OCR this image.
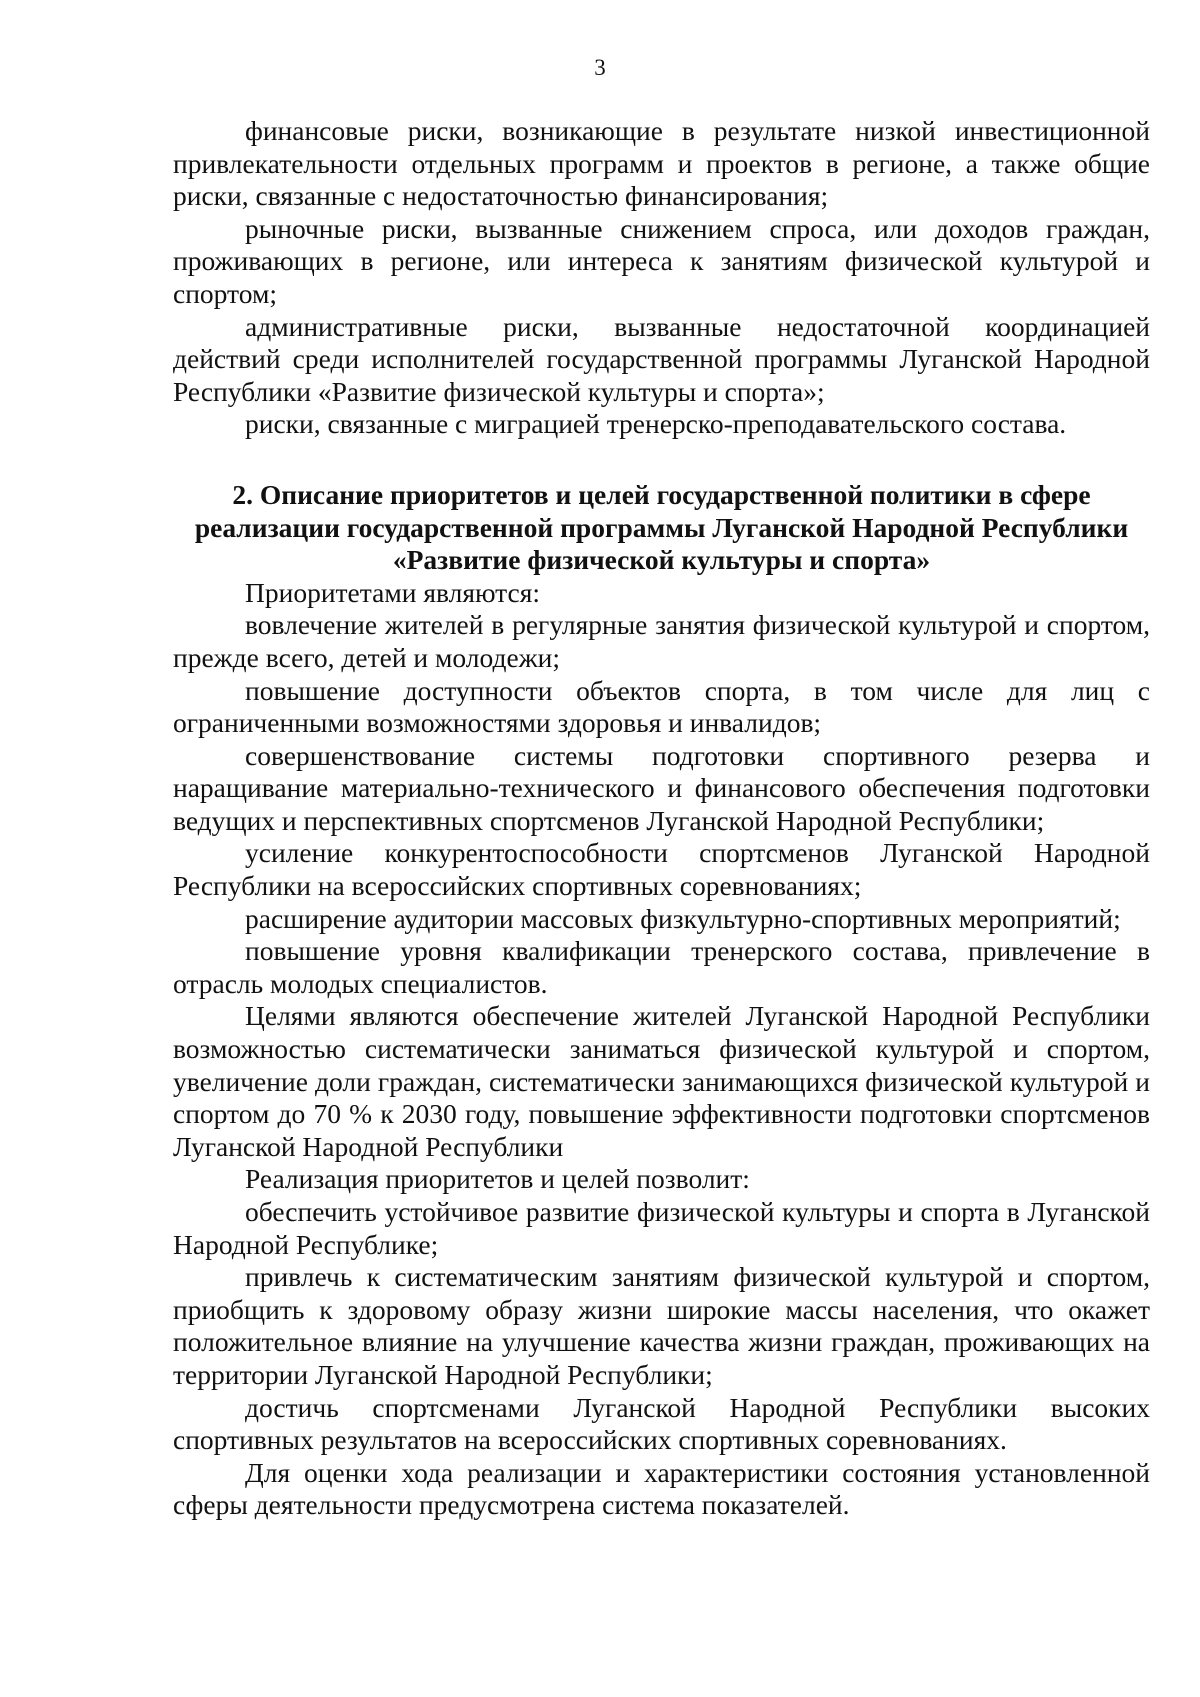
3

финансовые риски, возникающие в результате низкой инвестиционной привлекательности отдельных программ и проектов в регионе, а также общие риски, связанные с недостаточностью финансирования;

рыночные риски, вызванные снижением спроса, или доходов граждан, проживающих в регионе, или интереса к занятиям физической культурой и спортом;

административные риски, вызванные недостаточной координацией действий среди исполнителей государственной программы Луганской Народной Республики «Развитие физической культуры и спорта»;

риски, связанные с миграцией тренерско-преподавательского состава.

2. Описание приоритетов и целей государственной политики в сфере
реализации государственной программы Луганской Народной Республики
«Развитие физической культуры и спорта»

Приоритетами являются:

вовлечение жителей в регулярные занятия физической культурой и спортом, прежде всего, детей и молодежи;

повышение доступности объектов спорта, в том числе для лиц с ограниченными возможностями здоровья и инвалидов;

совершенствование системы подготовки спортивного резерва и наращивание материально-технического и финансового обеспечения подготовки ведущих и перспективных спортсменов Луганской Народной Республики;

усиление конкурентоспособности спортсменов Луганской Народной Республики на всероссийских спортивных соревнованиях;

расширение аудитории массовых физкультурно-спортивных мероприятий;

повышение уровня квалификации тренерского состава, привлечение в отрасль молодых специалистов.

Целями являются обеспечение жителей Луганской Народной Республики возможностью систематически заниматься физической культурой и спортом, увеличение доли граждан, систематически занимающихся физической культурой и спортом до 70 % к 2030 году, повышение эффективности подготовки спортсменов Луганской Народной Республики

Реализация приоритетов и целей позволит:

обеспечить устойчивое развитие физической культуры и спорта в Луганской Народной Республике;

привлечь к систематическим занятиям физической культурой и спортом, приобщить к здоровому образу жизни широкие массы населения, что окажет положительное влияние на улучшение качества жизни граждан, проживающих на территории Луганской Народной Республики;

достичь спортсменами Луганской Народной Республики высоких спортивных результатов на всероссийских спортивных соревнованиях.

Для оценки хода реализации и характеристики состояния установленной сферы деятельности предусмотрена система показателей.
